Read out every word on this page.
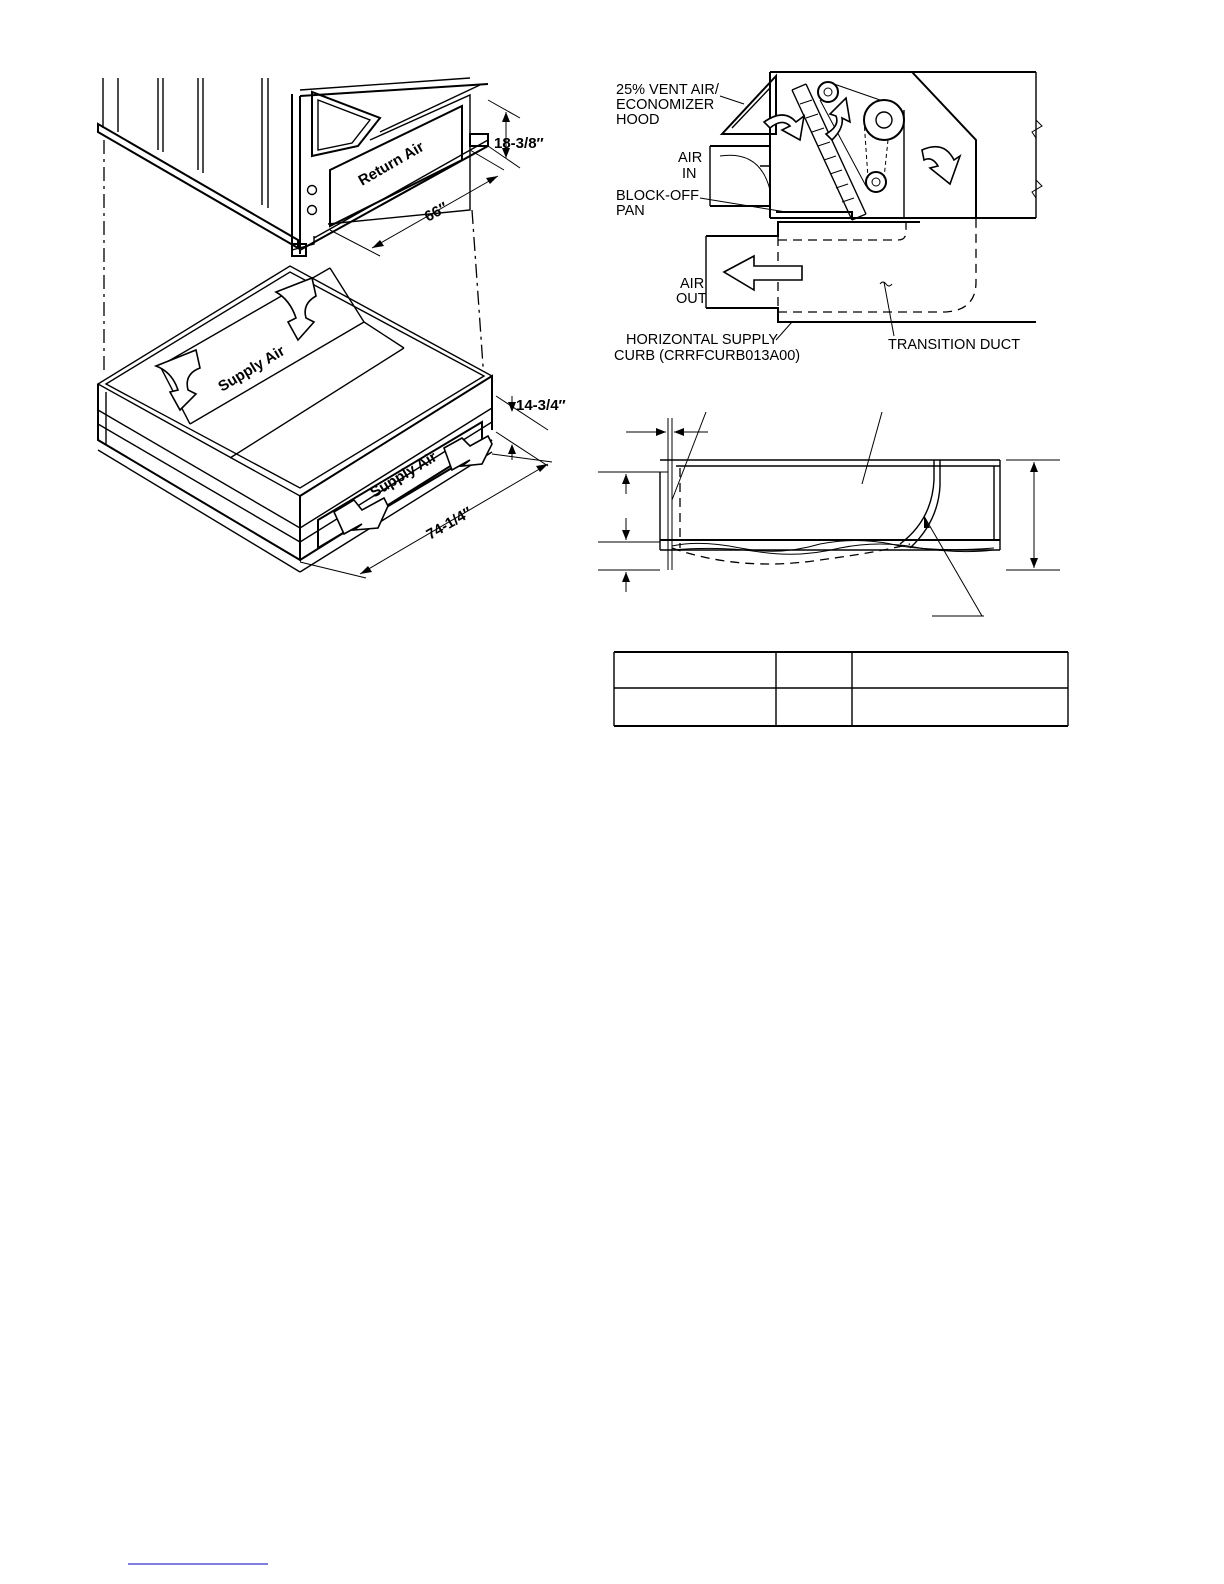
Return Air	18-3/8″
66″
Supply Air
Supply Air
14-3/4″
74-1/4″
25% VENT AIR/
ECONOMIZER
HOOD
AIR
IN
BLOCK-OFF
PAN
AIR
OUT
HORIZONTAL SUPPLY
CURB (CRRFCURB013A00)
TRANSITION DUCT
